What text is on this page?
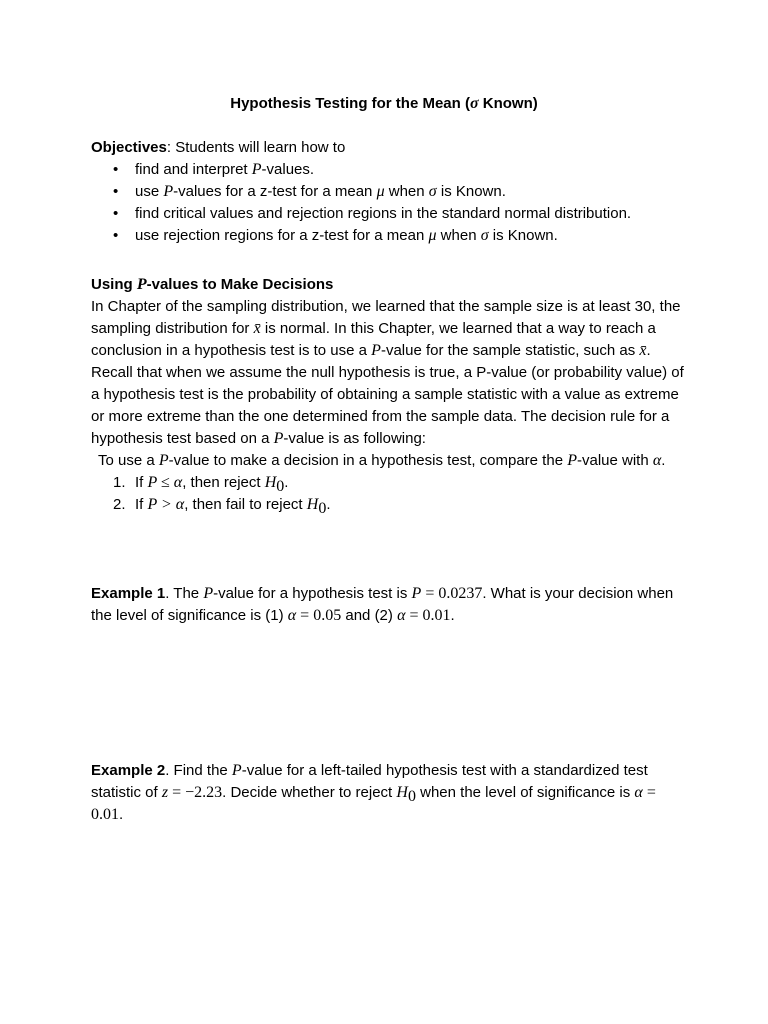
Hypothesis Testing for the Mean (σ Known)
Objectives: Students will learn how to
• find and interpret P-values.
• use P-values for a z-test for a mean μ when σ is Known.
• find critical values and rejection regions in the standard normal distribution.
• use rejection regions for a z-test for a mean μ when σ is Known.
Using P-values to Make Decisions

In Chapter of the sampling distribution, we learned that the sample size is at least 30, the sampling distribution for x̄ is normal. In this Chapter, we learned that a way to reach a conclusion in a hypothesis test is to use a P-value for the sample statistic, such as x̄. Recall that when we assume the null hypothesis is true, a P-value (or probability value) of a hypothesis test is the probability of obtaining a sample statistic with a value as extreme or more extreme than the one determined from the sample data. The decision rule for a hypothesis test based on a P-value is as following:

To use a P-value to make a decision in a hypothesis test, compare the P-value with α.

1. If P ≤ α, then reject $H_0$.
2. If P > α, then fail to reject $H_0$.
Example 1. The P-value for a hypothesis test is P = 0.0237. What is your decision when the level of significance is (1) α = 0.05 and (2) α = 0.01.
Example 2. Find the P-value for a left-tailed hypothesis test with a standardized test statistic of z = −2.23. Decide whether to reject $H_0$ when the level of significance is α = 0.01.
